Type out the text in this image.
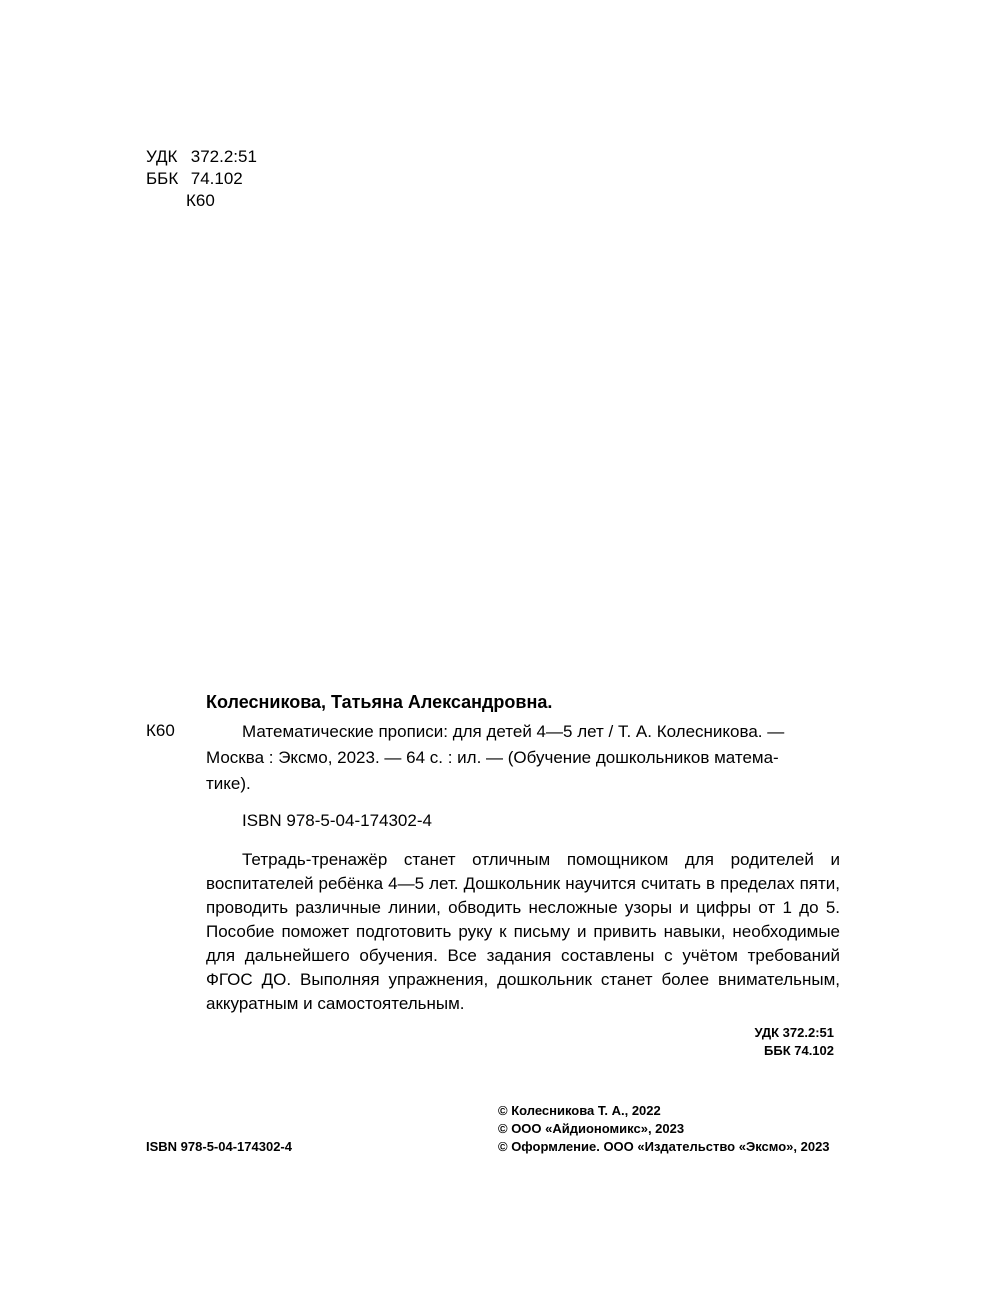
УДК 372.2:51
ББК 74.102
К60
Колесникова, Татьяна Александровна.
К60	Математические прописи: для детей 4—5 лет / Т. А. Колесникова. —
Москва : Эксмо, 2023. — 64 с. : ил. — (Обучение дошкольников матема-
тике).
ISBN 978-5-04-174302-4
Тетрадь-тренажёр станет отличным помощником для родителей и воспитателей ребёнка 4—5 лет. Дошкольник научится считать в пределах пяти, проводить различные линии, обводить несложные узоры и цифры от 1 до 5. Пособие поможет подготовить руку к письму и привить навыки, необходимые для дальнейшего обучения. Все задания составлены с учётом требований ФГОС ДО. Выполняя упражнения, дошкольник станет более внимательным, аккуратным и самостоятельным.
УДК 372.2:51
ББК 74.102
ISBN 978-5-04-174302-4
© Колесникова Т. А., 2022
© ООО «Айдиономикс», 2023
© Оформление. ООО «Издательство «Эксмо», 2023
